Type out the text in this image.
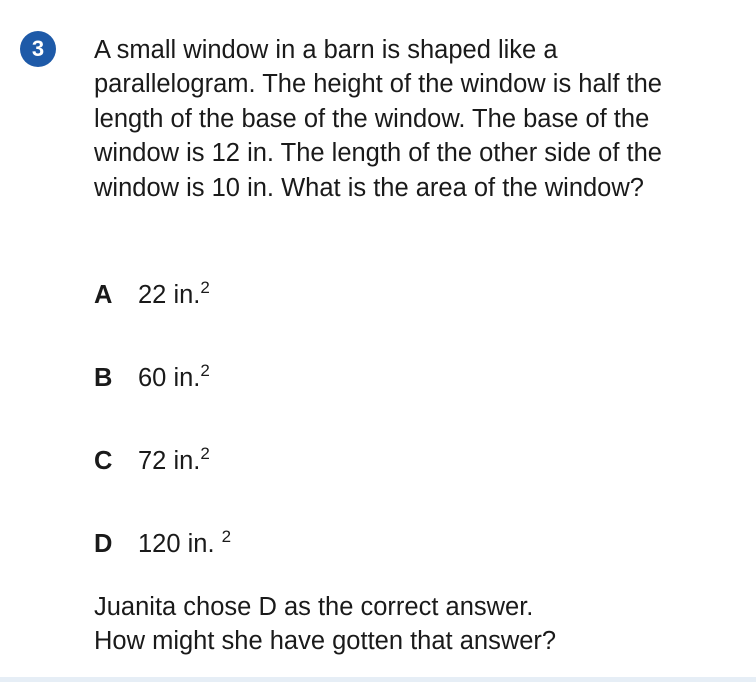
3	A small window in a barn is shaped like a parallelogram. The height of the window is half the length of the base of the window. The base of the window is 12 in. The length of the other side of the window is 10 in. What is the area of the window?

A 22 in.$^2$
B 60 in.$^2$
C 72 in.$^2$
D 120 in. $^2$
Juanita chose D as the correct answer.
How might she have gotten that answer?
